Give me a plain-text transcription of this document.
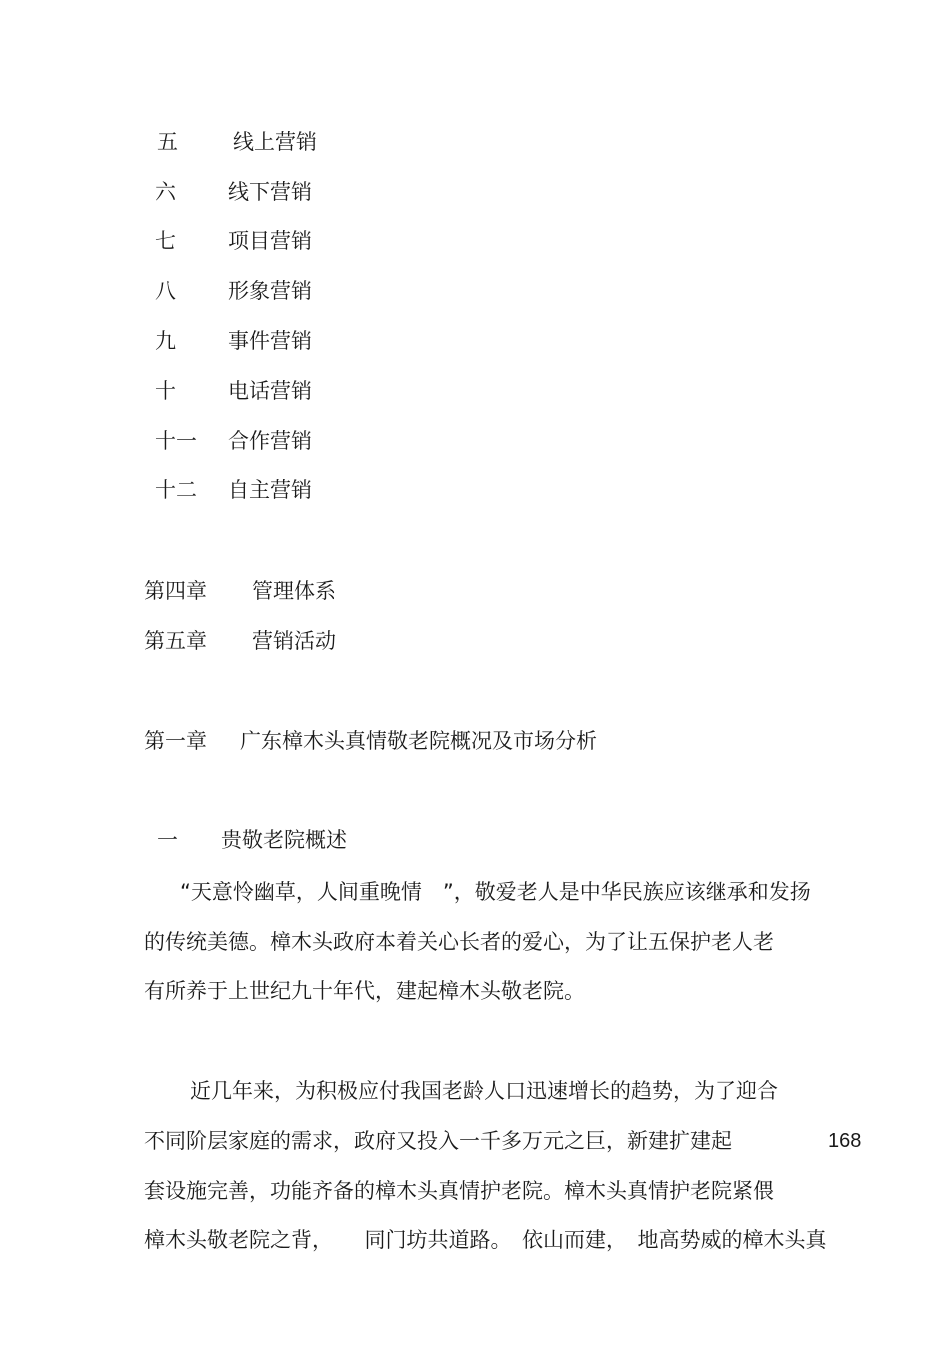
五	线上营销
六 线下营销
七 项目营销
八 形象营销
九 事件营销
十 电话营销
十一 合作营销
十二 自主营销
第四章 管理体系
第五章 营销活动
第一章 广东樟木头真情敬老院概况及市场分析
一 贵敬老院概述
“天意怜幽草，人间重晚情　”，敬爱老人是中华民族应该继承和发扬
的传统美德。樟木头政府本着关心长者的爱心，为了让五保护老人老
有所养于上世纪九十年代，建起樟木头敬老院。
近几年来，为积极应付我国老龄人口迅速增长的趋势，为了迎合
不同阶层家庭的需求，政府又投入一千多万元之巨，新建扩建起
套设施完善，功能齐备的樟木头真情护老院。樟木头真情护老院紧偎
樟木头敬老院之背，　　同门坊共道路。　依山而建，　地高势威的樟木头真
168
